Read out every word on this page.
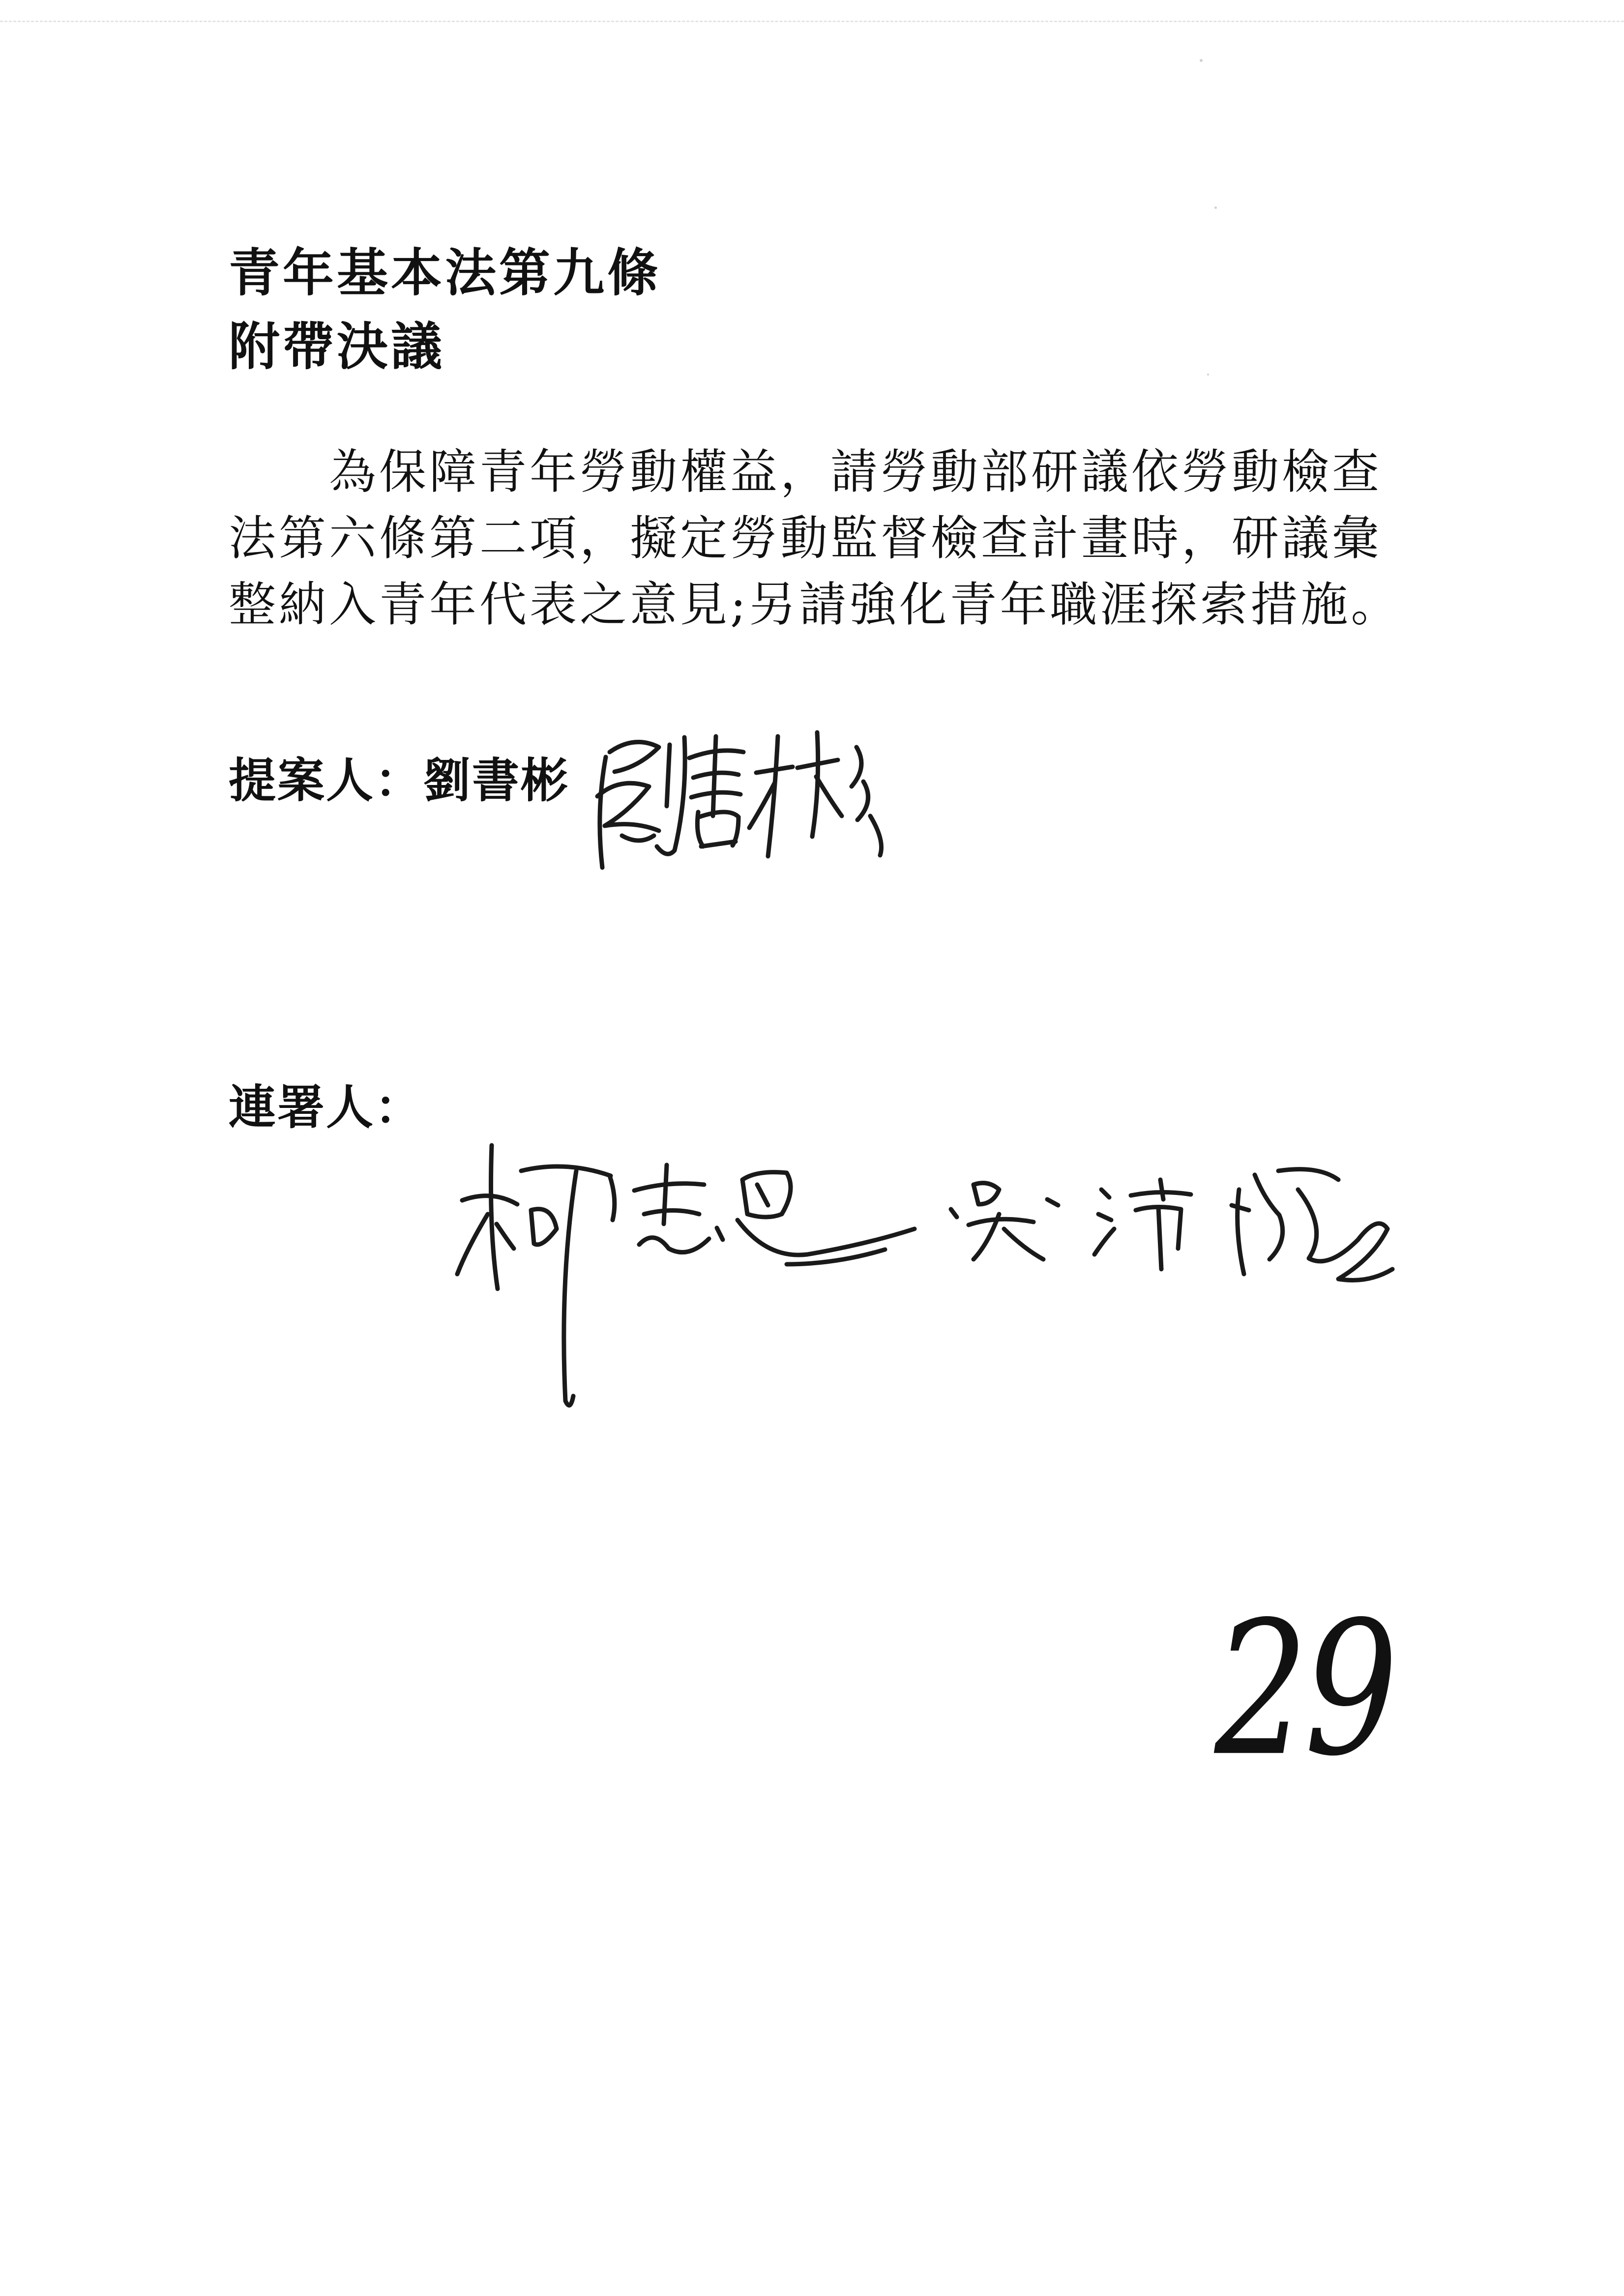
青年基本法第九條
附帶決議
為保障青年勞動權益，請勞動部研議依勞動檢查
法第六條第二項，擬定勞動監督檢查計畫時，研議彙
整納入青年代表之意見;另請強化青年職涯探索措施。
提案人：劉書彬
連署人：
29
